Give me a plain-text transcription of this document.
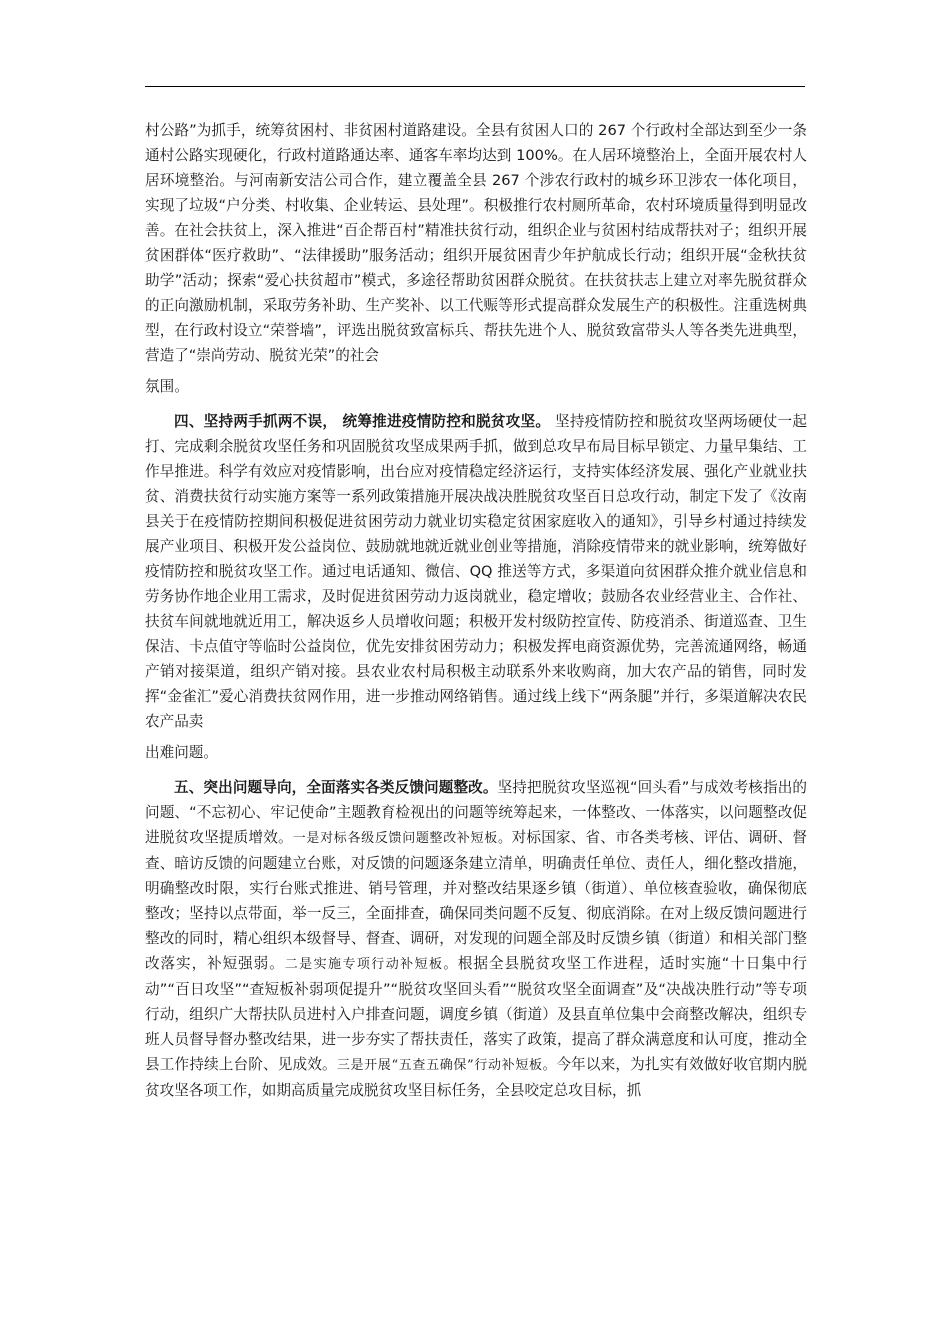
村公路”为抓手，统筹贫困村、非贫困村道路建设。全县有贫困人口的 267 个行政村全部达到至少一条通村公路实现硬化，行政村道路通达率、通客车率均达到 100%。在人居环境整治上，全面开展农村人居环境整治。与河南新安洁公司合作，建立覆盖全县 267 个涉农行政村的城乡环卫涉农一体化项目，实现了垃圾“户分类、村收集、企业转运、县处理”。积极推行农村厕所革命，农村环境质量得到明显改善。在社会扶贫上，深入推进“百企帮百村”精准扶贫行动，组织企业与贫困村结成帮扶对子；组织开展贫困群体“医疗救助”、“法律援助”服务活动；组织开展贫困青少年护航成长行动；组织开展“金秋扶贫助学”活动；探索“爱心扶贫超市”模式，多途径帮助贫困群众脱贫。在扶贫扶志上建立对率先脱贫群众的正向激励机制，采取劳务补助、生产奖补、以工代赈等形式提高群众发展生产的积极性。注重选树典型，在行政村设立“荣誉墙”，评选出脱贫致富标兵、帮扶先进个人、脱贫致富带头人等各类先进典型，营造了“崇尚劳动、脱贫光荣”的社会

氛围。

四、坚持两手抓两不误， 统筹推进疫情防控和脱贫攻坚。 坚持疫情防控和脱贫攻坚两场硬仗一起打、完成剩余脱贫攻坚任务和巩固脱贫攻坚成果两手抓，做到总攻早布局目标早锁定、力量早集结、工作早推进。科学有效应对疫情影响，出台应对疫情稳定经济运行，支持实体经济发展、强化产业就业扶贫、消费扶贫行动实施方案等一系列政策措施开展决战决胜脱贫攻坚百日总攻行动，制定下发了《汝南县关于在疫情防控期间积极促进贫困劳动力就业切实稳定贫困家庭收入的通知》，引导乡村通过持续发展产业项目、积极开发公益岗位、鼓励就地就近就业创业等措施，消除疫情带来的就业影响，统筹做好疫情防控和脱贫攻坚工作。通过电话通知、微信、QQ 推送等方式，多渠道向贫困群众推介就业信息和劳务协作地企业用工需求，及时促进贫困劳动力返岗就业，稳定增收；鼓励各农业经营业主、合作社、扶贫车间就地就近用工，解决返乡人员增收问题；积极开发村级防控宣传、防疫消杀、街道巡查、卫生保洁、卡点值守等临时公益岗位，优先安排贫困劳动力；积极发挥电商资源优势，完善流通网络，畅通产销对接渠道，组织产销对接。县农业农村局积极主动联系外来收购商，加大农产品的销售，同时发挥“金雀汇”爱心消费扶贫网作用，进一步推动网络销售。通过线上线下“两条腿”并行，多渠道解决农民农产品卖

出难问题。

五、突出问题导向，全面落实各类反馈问题整改。坚持把脱贫攻坚巡视“回头看”与成效考核指出的问题、“不忘初心、牢记使命”主题教育检视出的问题等统筹起来，一体整改、一体落实，以问题整改促进脱贫攻坚提质增效。一是对标各级反馈问题整改补短板。对标国家、省、市各类考核、评估、调研、督查、暗访反馈的问题建立台账，对反馈的问题逐条建立清单，明确责任单位、责任人，细化整改措施，明确整改时限，实行台账式推进、销号管理，并对整改结果逐乡镇（街道）、单位核查验收，确保彻底整改；坚持以点带面，举一反三，全面排查，确保同类问题不反复、彻底消除。在对上级反馈问题进行整改的同时，精心组织本级督导、督查、调研，对发现的问题全部及时反馈乡镇（街道）和相关部门整改落实，补短强弱。二是实施专项行动补短板。根据全县脱贫攻坚工作进程，适时实施“十日集中行动”“百日攻坚”“查短板补弱项促提升”“脱贫攻坚回头看”“脱贫攻坚全面调查”及“决战决胜行动”等专项行动，组织广大帮扶队员进村入户排查问题，调度乡镇（街道）及县直单位集中会商整改解决，组织专班人员督导督办整改结果，进一步夯实了帮扶责任，落实了政策，提高了群众满意度和认可度，推动全县工作持续上台阶、见成效。三是开展“五查五确保”行动补短板。今年以来，为扎实有效做好收官期内脱贫攻坚各项工作，如期高质量完成脱贫攻坚目标任务，全县咬定总攻目标，抓
